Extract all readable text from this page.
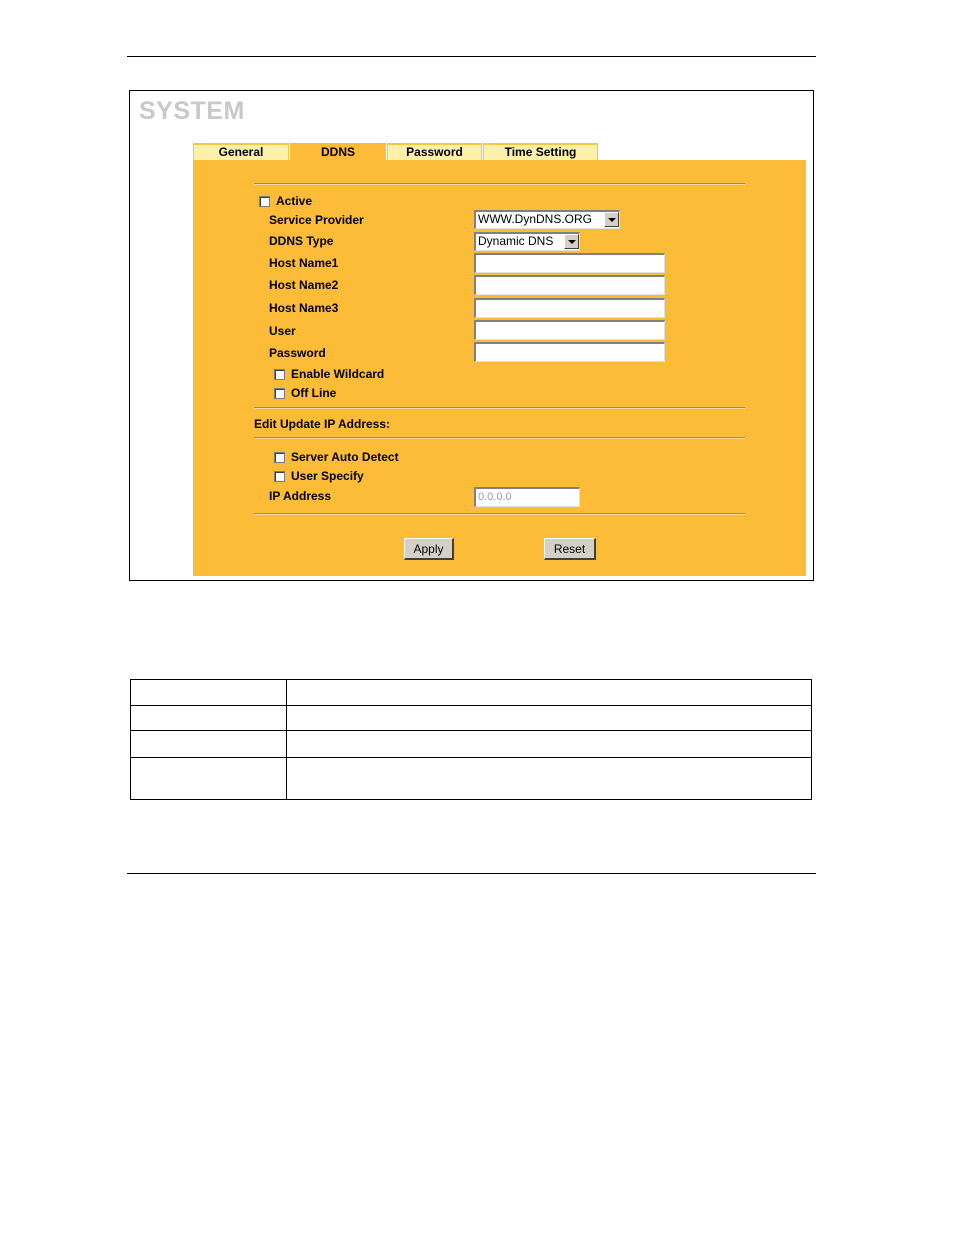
SYSTEM
General	DDNS	Password	Time Setting
Active
Service Provider	WWW.DynDNS.ORG
DDNS Type	Dynamic DNS
Host Name1
Host Name2
Host Name3
User
Password
Enable Wildcard
Off Line
Edit Update IP Address:
Server Auto Detect
User Specify
IP Address	0.0.0.0
Apply	Reset
